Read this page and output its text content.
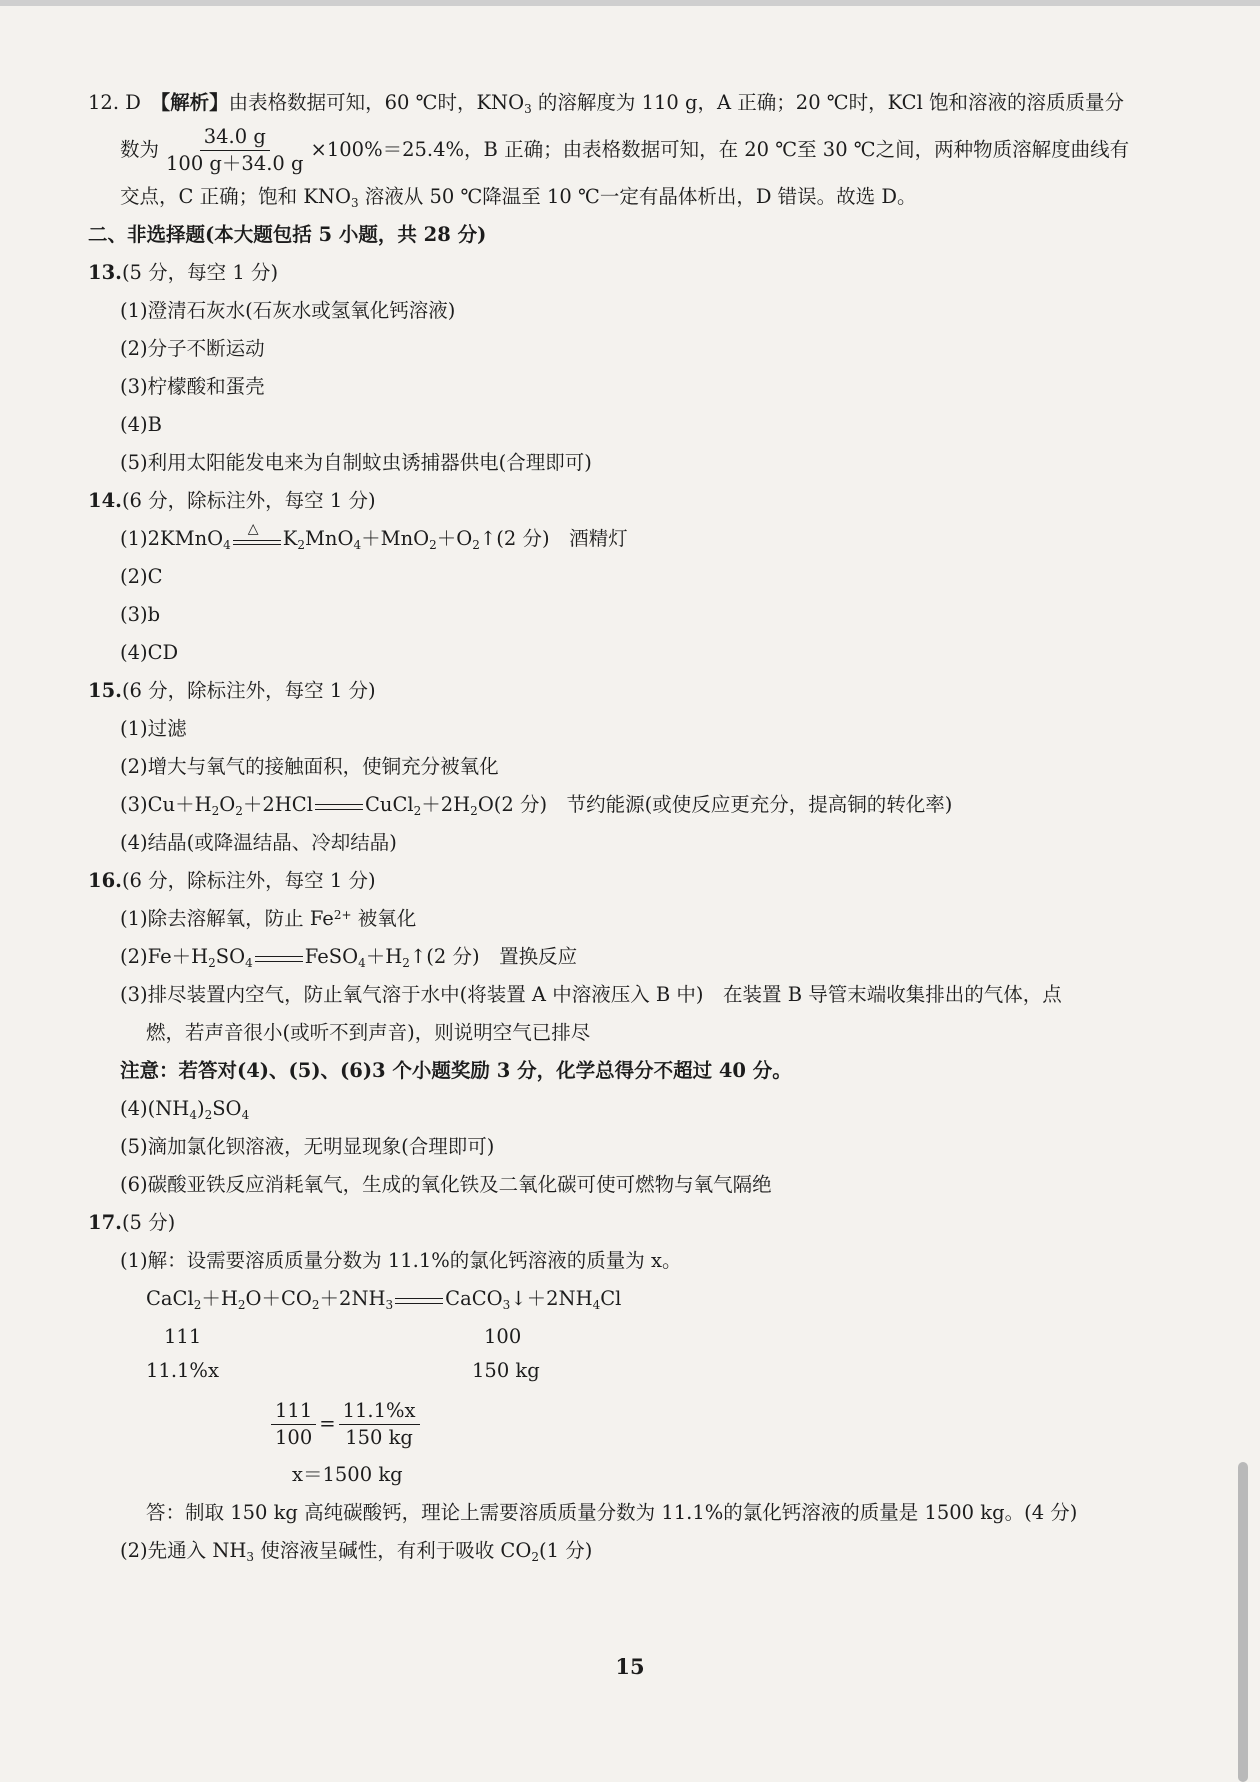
12. D　【解析】由表格数据可知，60 ℃时，$KNO_3$ 的溶解度为 110 g，A 正确；20 ℃时，KCl 饱和溶液的溶质质量分
数为 $\frac{34.0 g}{100 g+34.0 g} \times 100\%=25.4\%$，B 正确；由表格数据可知，在 20 ℃至 30 ℃之间，两种物质溶解度曲线有
交点，C 正确；饱和 $KNO_3$ 溶液从 50 ℃降温至 10 ℃一定有晶体析出，D 错误。故选 D。
二、非选择题(本大题包括 5 小题，共 28 分)
13.(5 分，每空 1 分)
(1)澄清石灰水(石灰水或氢氧化钙溶液)
(2)分子不断运动
(3)柠檬酸和蛋壳
(4)B
(5)利用太阳能发电来为自制蚊虫诱捕器供电(合理即可)
14.(6 分，除标注外，每空 1 分)
(1)2KMnO$_4$
△ $K_2MnO_4+MnO_2+O_2↑(2$ 分)　酒精灯
(2)C
(3)b
(4)CD
15.(6 分，除标注外，每空 1 分)
(1)过滤
(2)增大与氧气的接触面积，使铜充分被氧化
$(3)Cu+H_2O_2+2HCl$	$CuCl_2+2H_2O(2$ 分)　节约能源(或使反应更充分，提高铜的转化率)
(4)结晶(或降温结晶、冷却结晶)
16.(6 分，除标注外，每空 1 分)
(1)除去溶解氧，防止 $Fe^{2+}$ 被氧化
$(2)Fe+H_2SO_4$	$FeSO_4+H_2↑(2$ 分)　置换反应
(3)排尽装置内空气，防止氧气溶于水中(将装置 A 中溶液压入 B 中)　在装置 B 导管末端收集排出的气体，点
燃，若声音很小(或听不到声音)，则说明空气已排尽
注意：若答对(4)、(5)、(6)3 个小题奖励 3 分，化学总得分不超过 40 分。
$(4)(NH_4)_2SO_4$
(5)滴加氯化钡溶液，无明显现象(合理即可)
(6)碳酸亚铁反应消耗氧气，生成的氧化铁及二氧化碳可使可燃物与氧气隔绝
17.(5 分)
(1)解：设需要溶质质量分数为 11.1%的氯化钙溶液的质量为 x。
$CaCl_2+H_2O+CO_2+2NH_3$	$CaCO_3↓+2NH_4Cl$
111	100
11.1%x	150 kg
$\frac{111}{100} = \frac{11.1\%x}{150 kg}$
x＝1500 kg
答：制取 150 kg 高纯碳酸钙，理论上需要溶质质量分数为 11.1%的氯化钙溶液的质量是 1500 kg。(4 分)
(2)先通入 $NH_3$ 使溶液呈碱性，有利于吸收 $CO_2(1$ 分)
15
